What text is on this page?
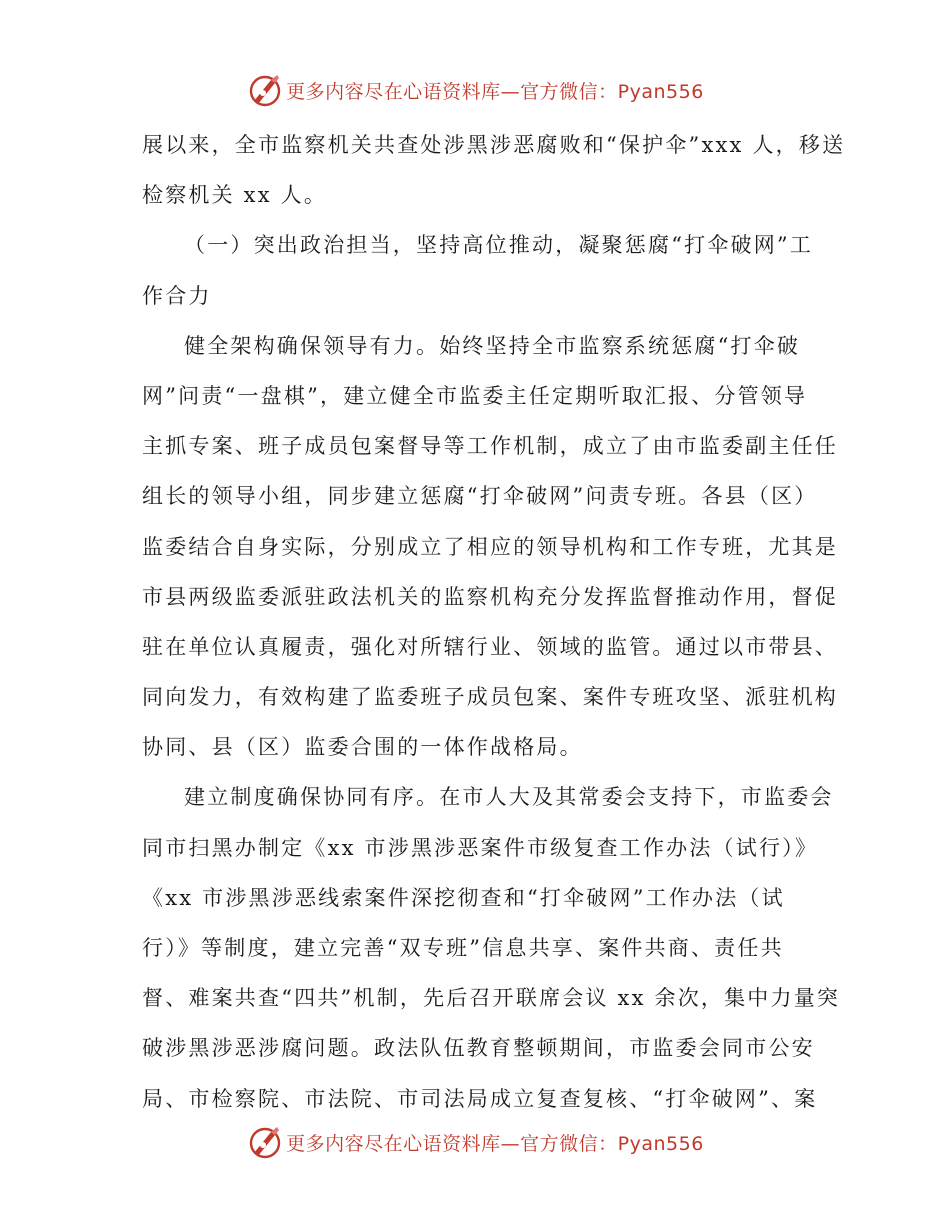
更多内容尽在心语资料库—官方微信：Pyan556
展以来，全市监察机关共查处涉黑涉恶腐败和“保护伞”xxx 人，移送
检察机关 xx 人。
（一）突出政治担当，坚持高位推动，凝聚惩腐“打伞破网”工
作合力
健全架构确保领导有力。始终坚持全市监察系统惩腐“打伞破
网”问责“一盘棋”，建立健全市监委主任定期听取汇报、分管领导
主抓专案、班子成员包案督导等工作机制，成立了由市监委副主任任
组长的领导小组，同步建立惩腐“打伞破网”问责专班。各县（区）
监委结合自身实际，分别成立了相应的领导机构和工作专班，尤其是
市县两级监委派驻政法机关的监察机构充分发挥监督推动作用，督促
驻在单位认真履责，强化对所辖行业、领域的监管。通过以市带县、
同向发力，有效构建了监委班子成员包案、案件专班攻坚、派驻机构
协同、县（区）监委合围的一体作战格局。
建立制度确保协同有序。在市人大及其常委会支持下，市监委会
同市扫黑办制定《xx 市涉黑涉恶案件市级复查工作办法（试行）》
《xx 市涉黑涉恶线索案件深挖彻查和“打伞破网”工作办法（试
行）》等制度，建立完善“双专班”信息共享、案件共商、责任共
督、难案共查“四共”机制，先后召开联席会议 xx 余次，集中力量突
破涉黑涉恶涉腐问题。政法队伍教育整顿期间，市监委会同市公安
局、市检察院、市法院、市司法局成立复查复核、“打伞破网”、案
更多内容尽在心语资料库—官方微信：Pyan556
